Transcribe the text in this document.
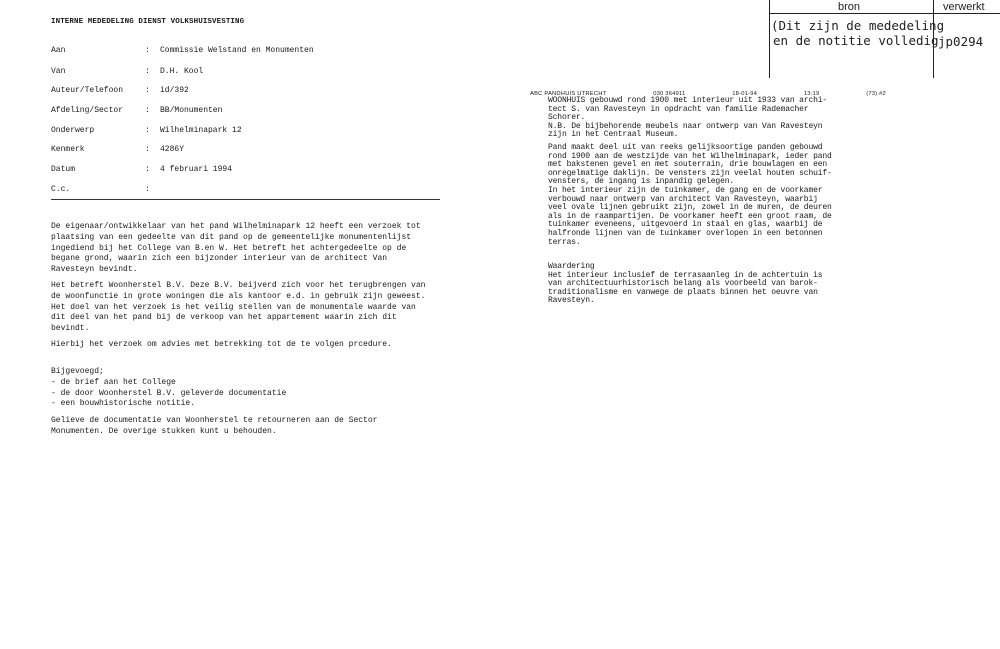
bron	verwerkt
(Dit zijn de mededeling
en de notitie volledig jp0294
INTERNE MEDEDELING DIENST VOLKSHUISVESTING
Aan	: Commissie Welstand en Monumenten
Van	: D.H. Kool
Auteur/Telefoon	: id/392
Afdeling/Sector	: BB/Monumenten
Onderwerp	: Wilhelminapark 12
Kenmerk	: 4286Y
Datum	: 4 februari 1994
C.c.	:
De eigenaar/ontwikkelaar van het pand Wilhelminapark 12 heeft een verzoek tot
plaatsing van een gedeelte van dit pand op de gemeentelijke monumentenlijst
ingediend bij het College van B.en W. Het betreft het achtergedeelte op de
begane grond, waarin zich een bijzonder interieur van de architect Van
Ravesteyn bevindt.
Het betreft Woonherstel B.V. Deze B.V. beijverd zich voor het terugbrengen van
de woonfunctie in grote woningen die als kantoor e.d. in gebruik zijn geweest.
Het doel van het verzoek is het veilig stellen van de monumentale waarde van
dit deel van het pand bij de verkoop van het appartement waarin zich dit
bevindt.
Hierbij het verzoek om advies met betrekking tot de te volgen prcedure.
Bijgevoegd;
- de brief aan het College
- de door Woonherstel B.V. geleverde documentatie
- een bouwhistorische notitie.
Gelieve de documentatie van Woonherstel te retourneren aan de Sector
Monumenten. De overige stukken kunt u behouden.
ABC PANDHUIS UTRECHT	030 364911	18-01-94	13:19	(73) #2
WOONHUIS gebouwd rond 1900 met interieur uit 1933 van archi-
tect S. van Ravesteyn in opdracht van familie Rademacher
Schorer.
N.B. De bijbehorende meubels naar ontwerp van Van Ravesteyn
zijn in het Centraal Museum.
Pand maakt deel uit van reeks gelijksoortige panden gebouwd
rond 1900 aan de westzijde van het Wilhelminapark, ieder pand
met bakstenen gevel en met souterrain, drie bouwlagen en een
onregelmatige daklijn. De vensters zijn veelal houten schuif-
vensters, de ingang is inpandig gelegen.
In het interieur zijn de tuinkamer, de gang en de voorkamer
verbouwd naar ontwerp van architect Van Ravesteyn, waarbij
veel ovale lijnen gebruikt zijn, zowel in de muren, de deuren
als in de raampartijen. De voorkamer heeft een groot raam, de
tuinkamer eveneens, uitgevoerd in staal en glas, waarbij de
halfronde lijnen van de tuinkamer overlopen in een betonnen
terras.
Waardering
Het interieur inclusief de terrasaanleg in de achtertuin is
van architectuurhistorisch belang als voorbeeld van barok-
traditionalisme en vanwege de plaats binnen het oeuvre van
Ravesteyn.
